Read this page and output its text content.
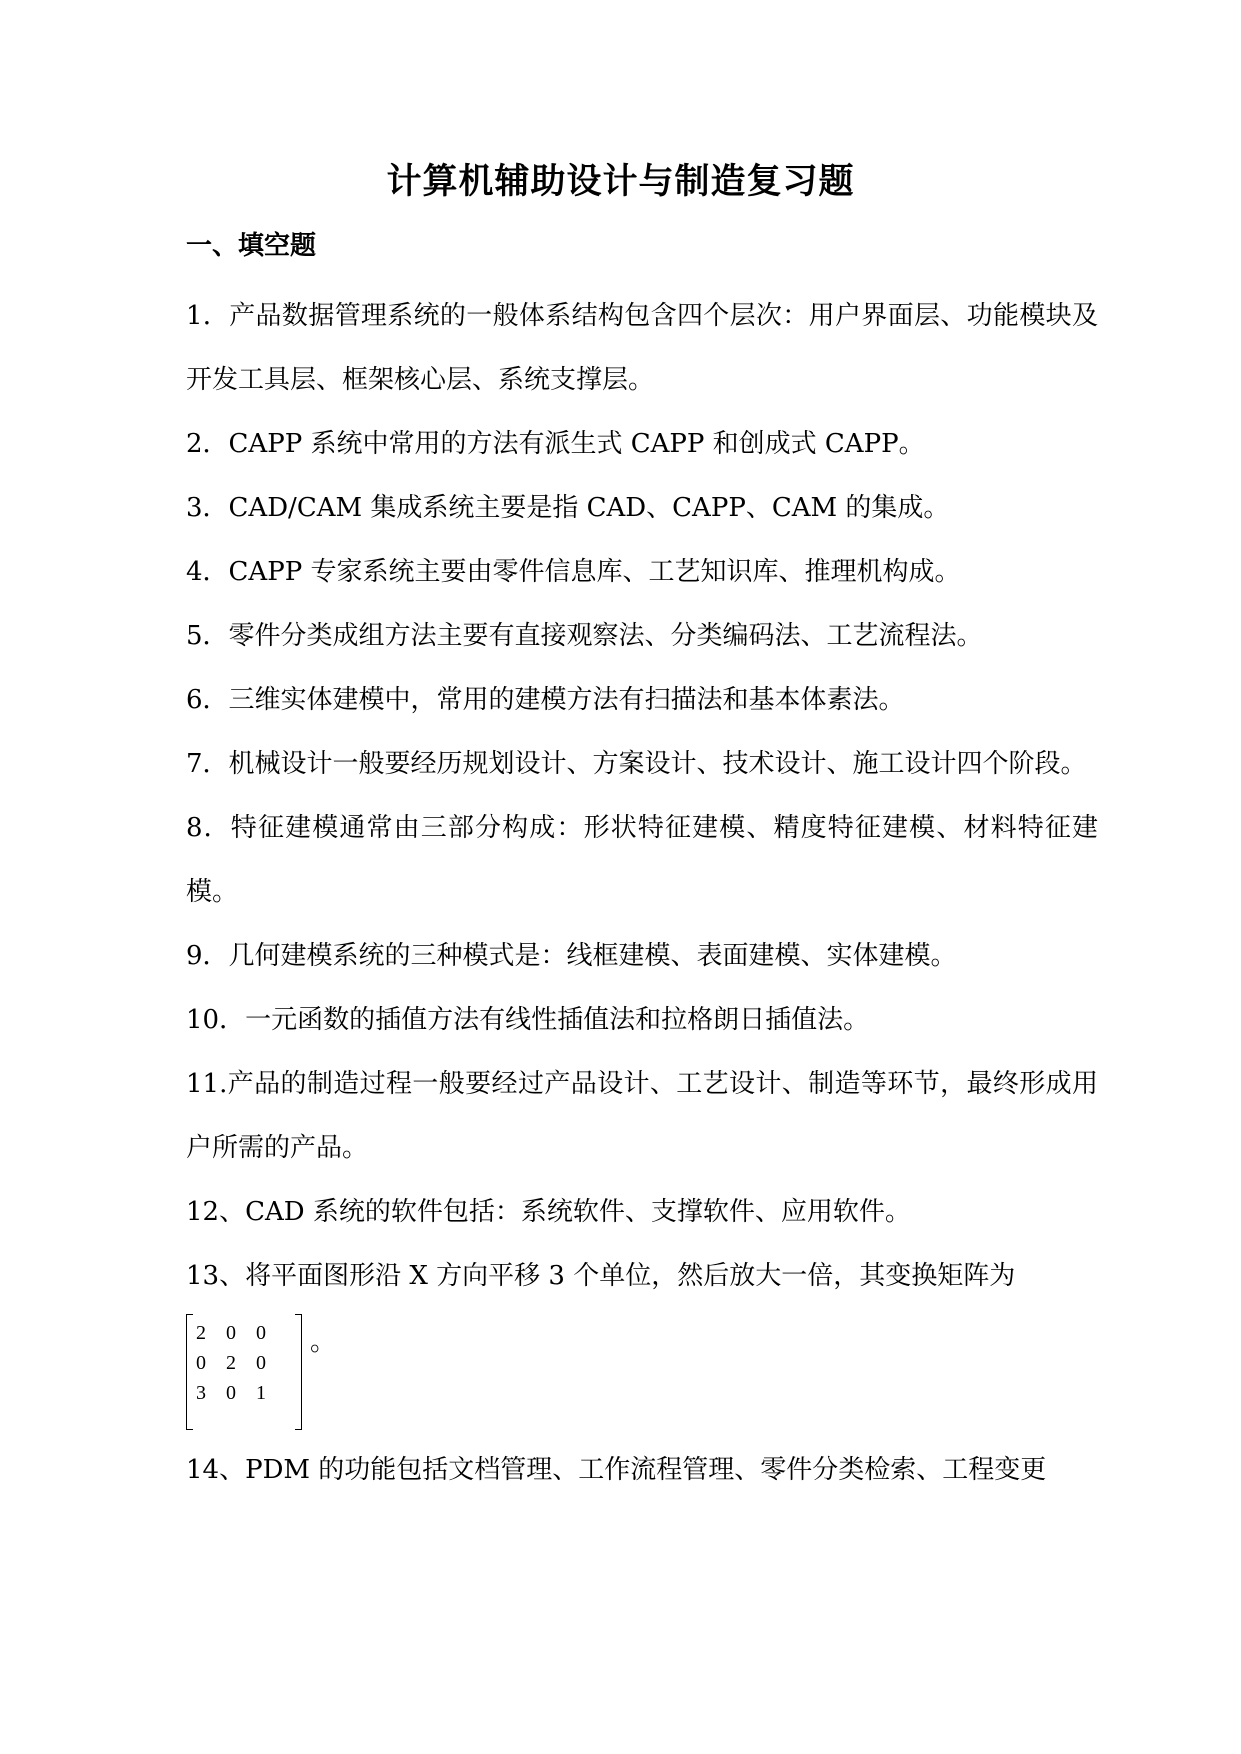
计算机辅助设计与制造复习题
一、填空题
1．产品数据管理系统的一般体系结构包含四个层次：用户界面层、功能模块及开发工具层、框架核心层、系统支撑层。
2．CAPP 系统中常用的方法有派生式 CAPP 和创成式 CAPP。
3．CAD/CAM 集成系统主要是指 CAD、CAPP、CAM 的集成。
4．CAPP 专家系统主要由零件信息库、工艺知识库、推理机构成。
5．零件分类成组方法主要有直接观察法、分类编码法、工艺流程法。
6．三维实体建模中，常用的建模方法有扫描法和基本体素法。
7．机械设计一般要经历规划设计、方案设计、技术设计、施工设计四个阶段。
8．特征建模通常由三部分构成：形状特征建模、精度特征建模、材料特征建模。
9．几何建模系统的三种模式是：线框建模、表面建模、实体建模。
10．一元函数的插值方法有线性插值法和拉格朗日插值法。
11.产品的制造过程一般要经过产品设计、工艺设计、制造等环节，最终形成用户所需的产品。
12、CAD 系统的软件包括：系统软件、支撑软件、应用软件。
13、将平面图形沿 X 方向平移 3 个单位，然后放大一倍，其变换矩阵为
2	0	0
0	2	0
3	0	1
。
14、PDM 的功能包括文档管理、工作流程管理、零件分类检索、工程变更
